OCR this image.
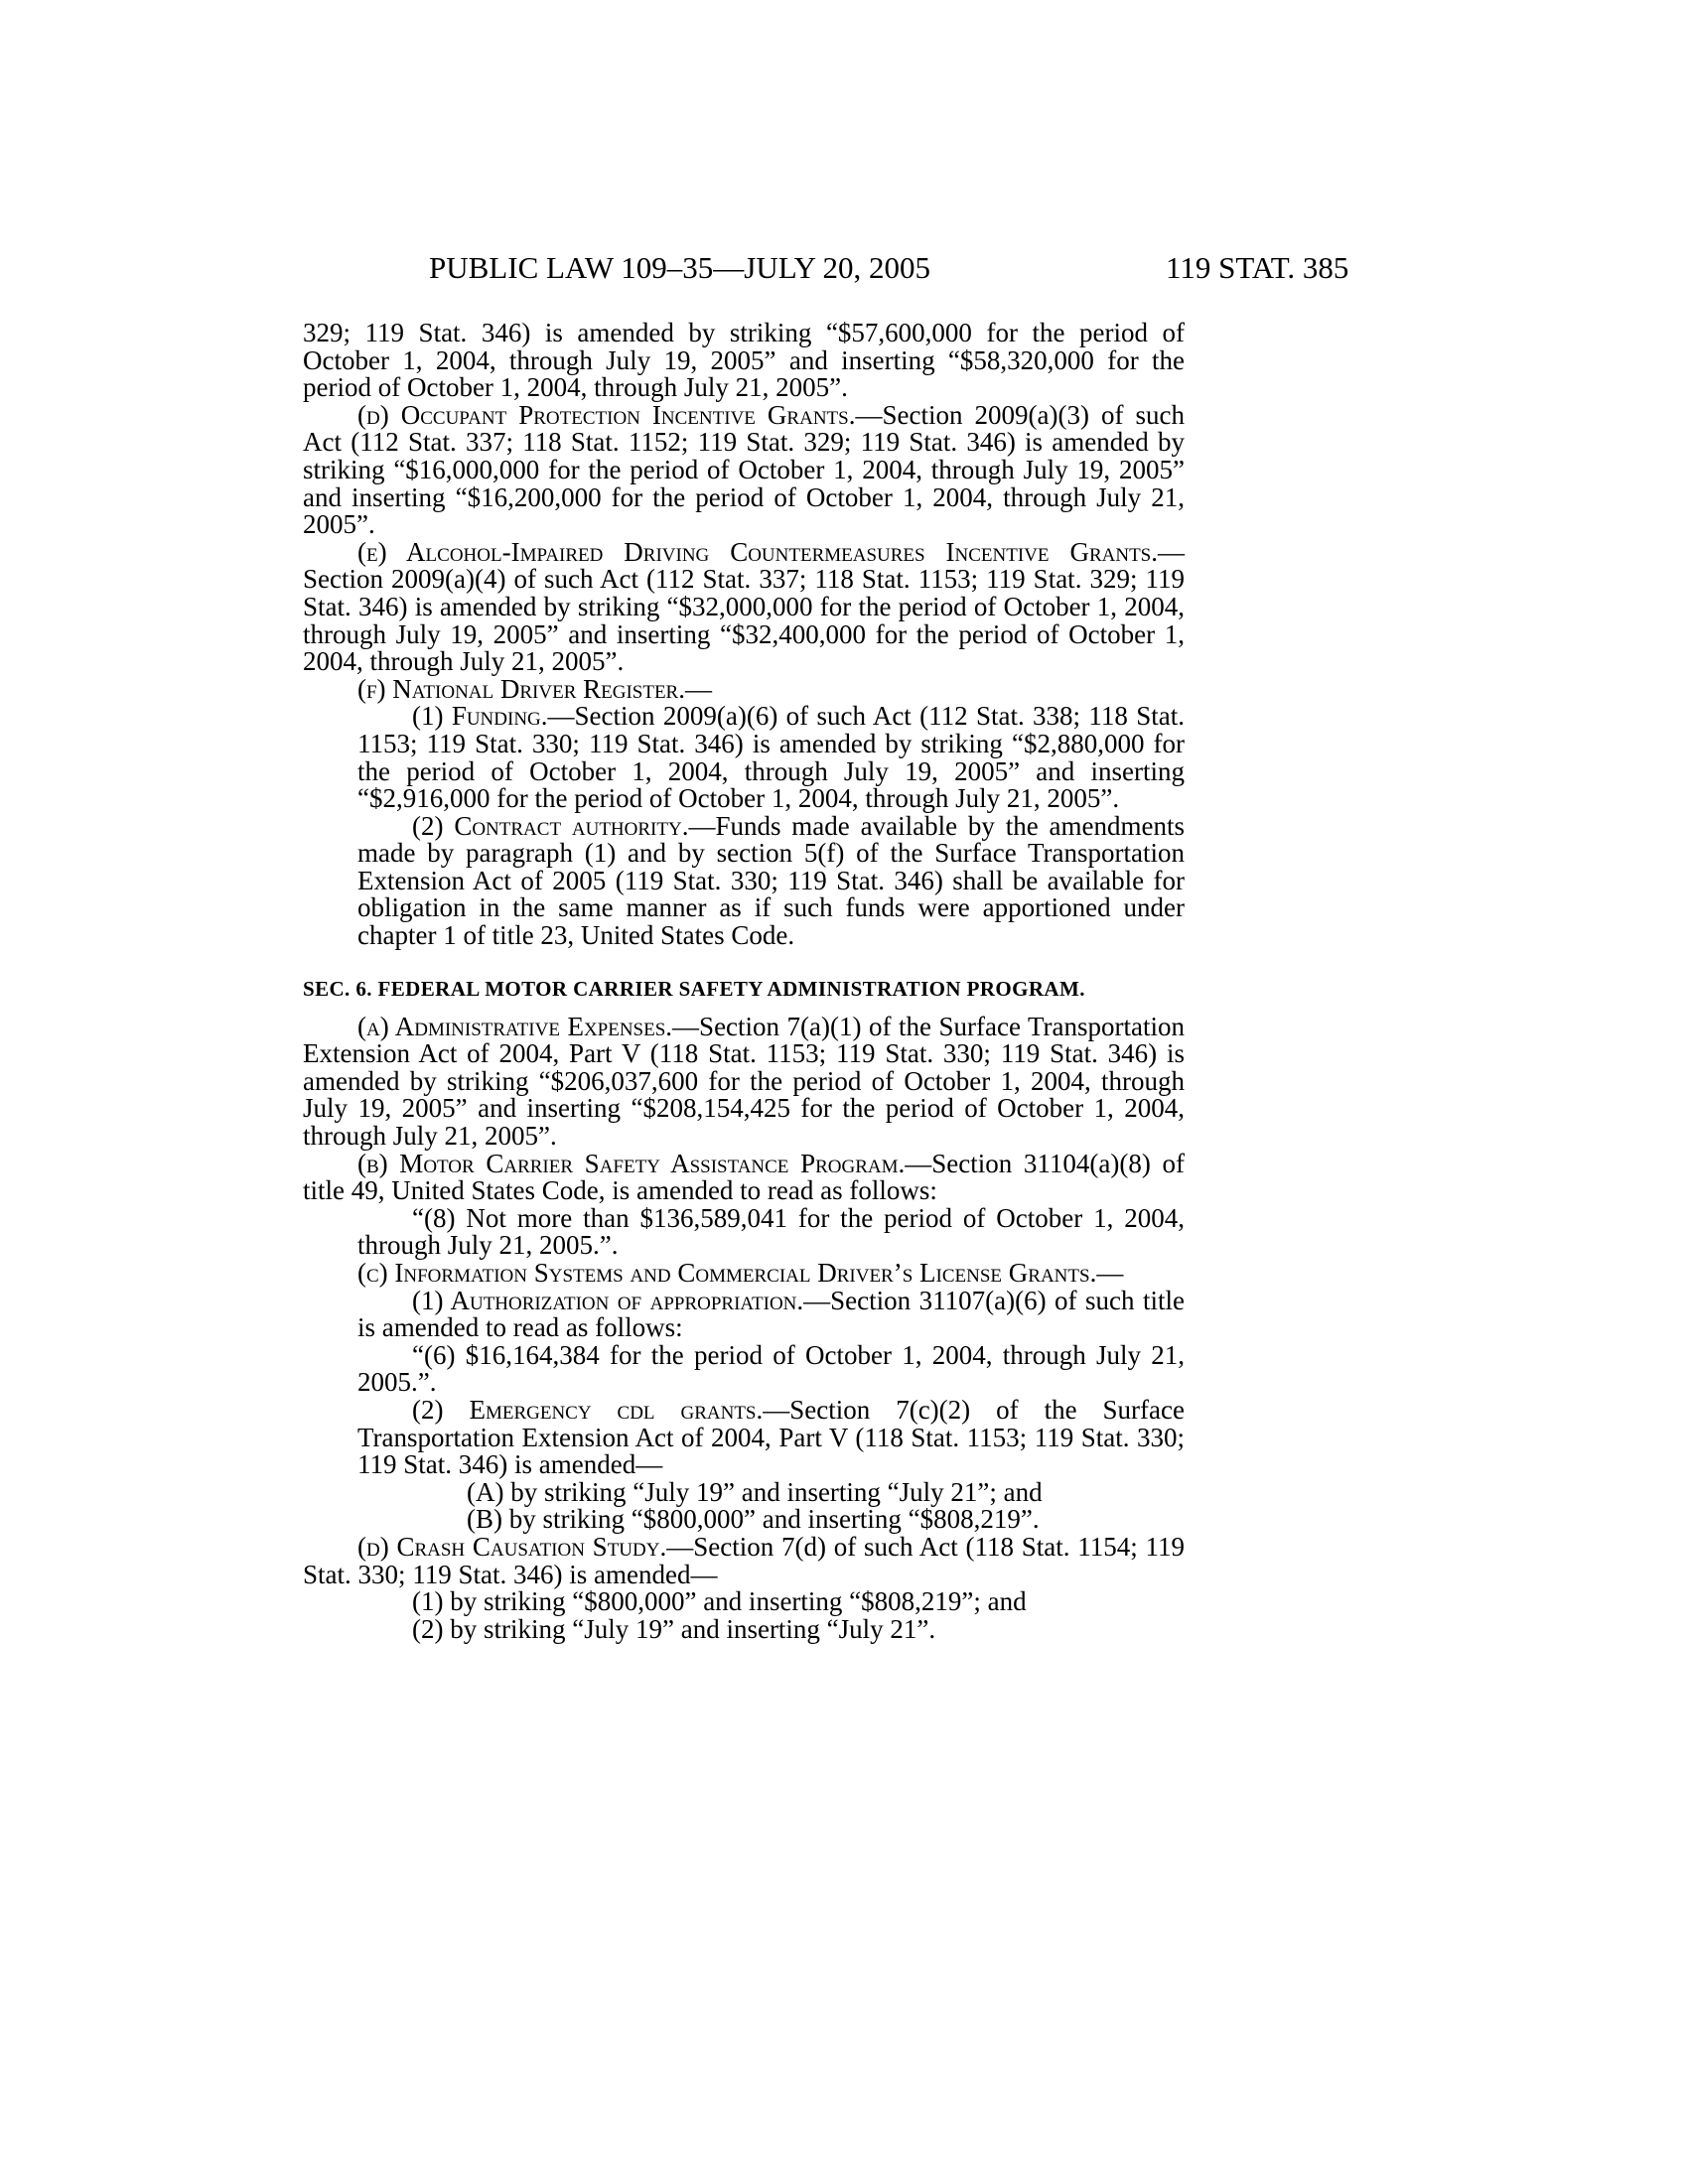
PUBLIC LAW 109–35—JULY 20, 2005	119 STAT. 385

329; 119 Stat. 346) is amended by striking “$57,600,000 for the period of October 1, 2004, through July 19, 2005” and inserting “$58,320,000 for the period of October 1, 2004, through July 21, 2005”.

(d) Occupant Protection Incentive Grants.—Section 2009(a)(3) of such Act (112 Stat. 337; 118 Stat. 1152; 119 Stat. 329; 119 Stat. 346) is amended by striking “$16,000,000 for the period of October 1, 2004, through July 19, 2005” and inserting “$16,200,000 for the period of October 1, 2004, through July 21, 2005”.

(e) Alcohol-Impaired Driving Countermeasures Incentive Grants.—Section 2009(a)(4) of such Act (112 Stat. 337; 118 Stat. 1153; 119 Stat. 329; 119 Stat. 346) is amended by striking “$32,000,000 for the period of October 1, 2004, through July 19, 2005” and inserting “$32,400,000 for the period of October 1, 2004, through July 21, 2005”.

(f) National Driver Register.—

(1) Funding.—Section 2009(a)(6) of such Act (112 Stat. 338; 118 Stat. 1153; 119 Stat. 330; 119 Stat. 346) is amended by striking “$2,880,000 for the period of October 1, 2004, through July 19, 2005” and inserting “$2,916,000 for the period of October 1, 2004, through July 21, 2005”.

(2) Contract authority.—Funds made available by the amendments made by paragraph (1) and by section 5(f) of the Surface Transportation Extension Act of 2005 (119 Stat. 330; 119 Stat. 346) shall be available for obligation in the same manner as if such funds were apportioned under chapter 1 of title 23, United States Code.

SEC. 6. FEDERAL MOTOR CARRIER SAFETY ADMINISTRATION PROGRAM.

(a) Administrative Expenses.—Section 7(a)(1) of the Surface Transportation Extension Act of 2004, Part V (118 Stat. 1153; 119 Stat. 330; 119 Stat. 346) is amended by striking “$206,037,600 for the period of October 1, 2004, through July 19, 2005” and inserting “$208,154,425 for the period of October 1, 2004, through July 21, 2005”.

(b) Motor Carrier Safety Assistance Program.—Section 31104(a)(8) of title 49, United States Code, is amended to read as follows:

“(8) Not more than $136,589,041 for the period of October 1, 2004, through July 21, 2005.”.

(c) Information Systems and Commercial Driver’s License Grants.—

(1) Authorization of appropriation.—Section 31107(a)(6) of such title is amended to read as follows:

“(6) $16,164,384 for the period of October 1, 2004, through July 21, 2005.”.

(2) Emergency cdl grants.—Section 7(c)(2) of the Surface Transportation Extension Act of 2004, Part V (118 Stat. 1153; 119 Stat. 330; 119 Stat. 346) is amended—

(A) by striking “July 19” and inserting “July 21”; and

(B) by striking “$800,000” and inserting “$808,219”.

(d) Crash Causation Study.—Section 7(d) of such Act (118 Stat. 1154; 119 Stat. 330; 119 Stat. 346) is amended—

(1) by striking “$800,000” and inserting “$808,219”; and

(2) by striking “July 19” and inserting “July 21”.
